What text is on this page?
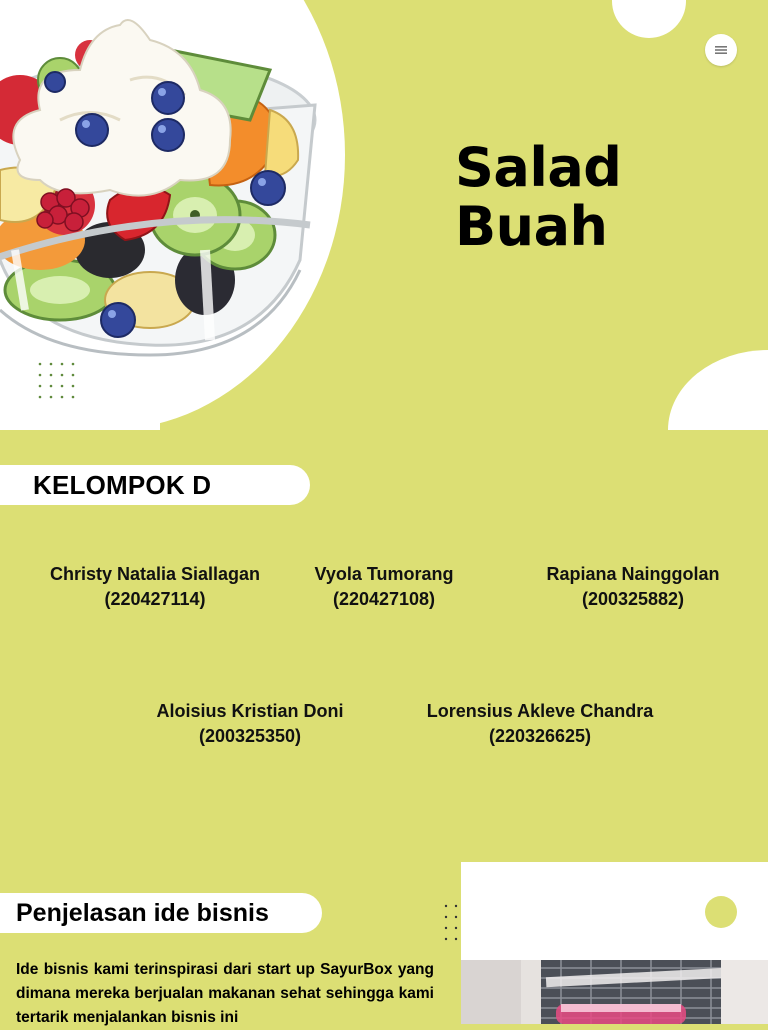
Salad
Buah
KELOMPOK D
Christy Natalia Siallagan
(220427114)
Vyola Tumorang
(220427108)
Rapiana Nainggolan
(200325882)
Aloisius Kristian Doni
(200325350)
Lorensius Akleve Chandra
(220326625)
Penjelasan ide bisnis

Ide bisnis kami terinspirasi dari start up SayurBox yang dimana mereka berjualan makanan sehat sehingga kami tertarik menjalankan bisnis ini
